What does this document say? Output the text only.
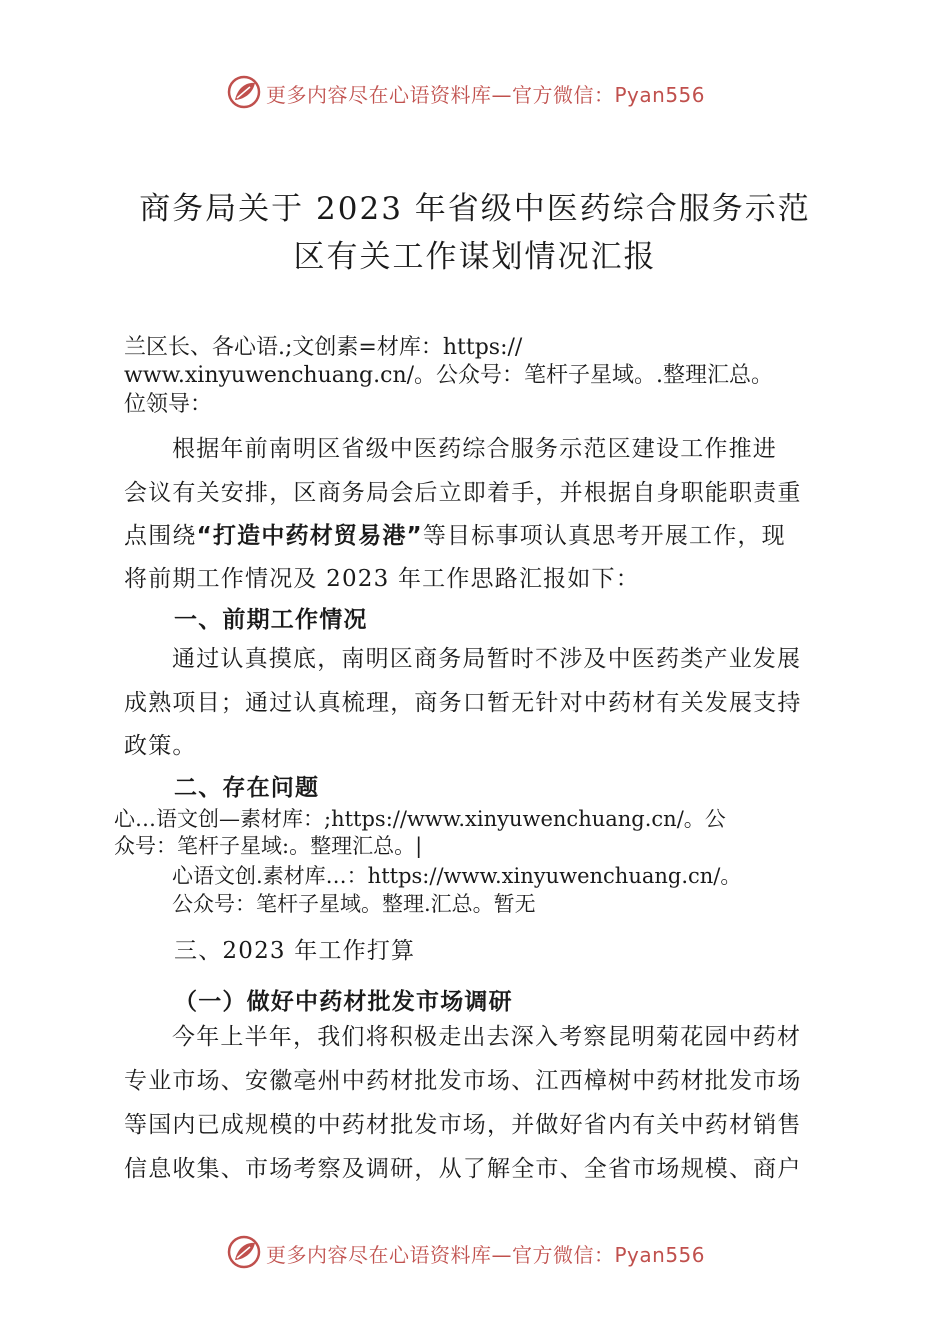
更多内容尽在心语资料库—官方微信：Pyan556
商务局关于 2023 年省级中医药综合服务示范
区有关工作谋划情况汇报
兰区长、各心语.;文创素=材库：https://
www.xinyuwenchuang.cn/。公众号：笔杆子星域。.整理汇总。
位领导：
根据年前南明区省级中医药综合服务示范区建设工作推进
会议有关安排，区商务局会后立即着手，并根据自身职能职责重
点围绕“打造中药材贸易港”等目标事项认真思考开展工作，现
将前期工作情况及 2023 年工作思路汇报如下：
一、前期工作情况
通过认真摸底，南明区商务局暂时不涉及中医药类产业发展
成熟项目；通过认真梳理，商务口暂无针对中药材有关发展支持
政策。
二、存在问题
心…语文创—素材库：;https://www.xinyuwenchuang.cn/。公
众号：笔杆子星域:。整理汇总。|
心语文创.素材库…：https://www.xinyuwenchuang.cn/。
公众号：笔杆子星域。整理.汇总。暂无
三、2023 年工作打算
（一）做好中药材批发市场调研
今年上半年，我们将积极走出去深入考察昆明菊花园中药材
专业市场、安徽亳州中药材批发市场、江西樟树中药材批发市场
等国内已成规模的中药材批发市场，并做好省内有关中药材销售
信息收集、市场考察及调研，从了解全市、全省市场规模、商户
更多内容尽在心语资料库—官方微信：Pyan556
